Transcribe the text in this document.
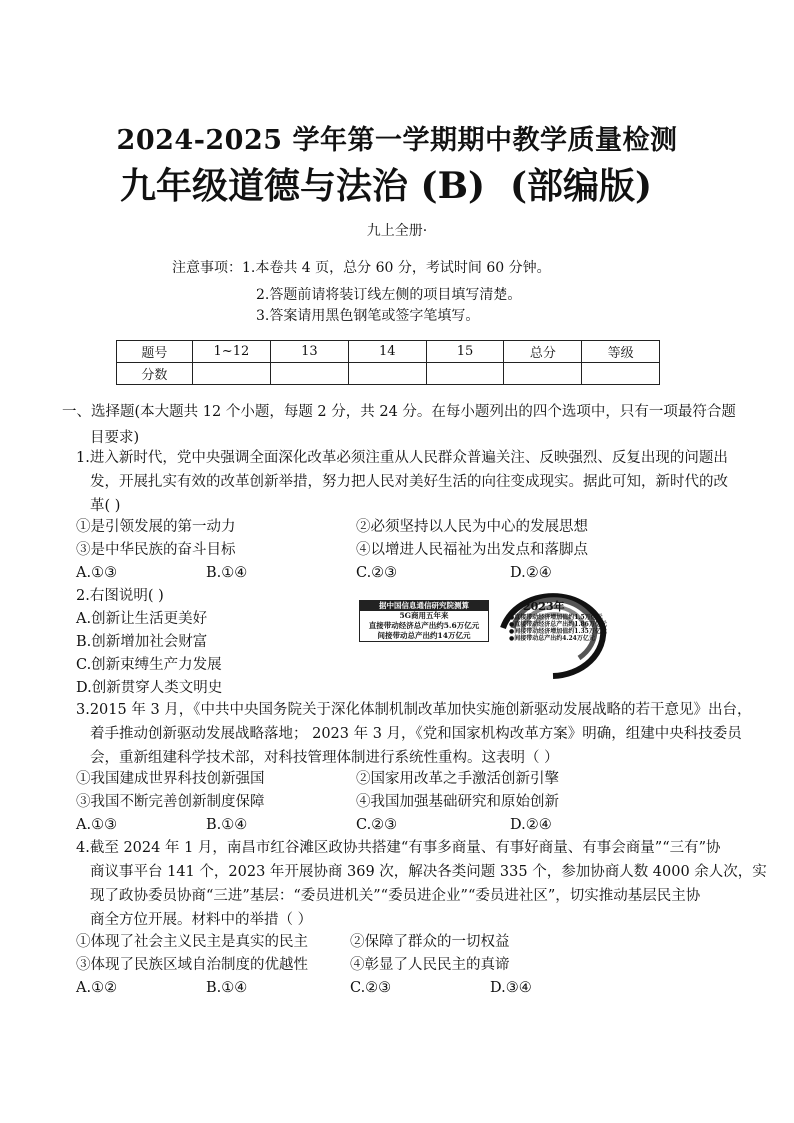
2024-2025 学年第一学期期中教学质量检测
九年级道德与法治 (B) (部编版)
九上全册·
注意事项：1.本卷共 4 页，总分 60 分，考试时间 60 分钟。
2.答题前请将装订线左侧的项目填写清楚。
3.答案请用黑色钢笔或签字笔填写。
题号	1~12	13	14	15	总分	等级
分数						
一、选择题(本大题共 12 个小题，每题 2 分，共 24 分。在每小题列出的四个选项中，只有一项最符合题
目要求)
1.进入新时代，党中央强调全面深化改革必须注重从人民群众普遍关注、反映强烈、反复出现的问题出
发，开展扎实有效的改革创新举措，努力把人民对美好生活的向往变成现实。据此可知，新时代的改
革( )
①是引领发展的第一动力	②必须坚持以人民为中心的发展思想
③是中华民族的奋斗目标	④以增进人民福祉为出发点和落脚点
A.①③	B.①④	C.②③	D.②④
2.右图说明( )
A.创新让生活更美好
B.创新增加社会财富
C.创新束缚生产力发展
D.创新贯穿人类文明史
据中国信息通信研究院测算
5G商用五年来
直接带动经济总产出约5.6万亿元
间接带动总产出约14万亿元
2023年
●直接带动经济增加值约1.5万亿元
●直接带动经济总产出约1.86万亿元
●间接带动经济增加值约1.35万亿元
●间接带动总产出约4.24万亿元
3.2015 年 3 月，《中共中央国务院关于深化体制机制改革加快实施创新驱动发展战略的若干意见》出台，
着手推动创新驱动发展战略落地； 2023 年 3 月，《党和国家机构改革方案》明确，组建中央科技委员
会，重新组建科学技术部，对科技管理体制进行系统性重构。这表明（ ）
①我国建成世界科技创新强国	②国家用改革之手激活创新引擎
③我国不断完善创新制度保障	④我国加强基础研究和原始创新
A.①③	B.①④	C.②③	D.②④
4.截至 2024 年 1 月，南昌市红谷滩区政协共搭建“有事多商量、有事好商量、有事会商量”“三有”协
商议事平台 141 个，2023 年开展协商 369 次，解决各类问题 335 个，参加协商人数 4000 余人次，实
现了政协委员协商“三进”基层：“委员进机关”“委员进企业”“委员进社区”，切实推动基层民主协
商全方位开展。材料中的举措（ ）
①体现了社会主义民主是真实的民主	②保障了群众的一切权益
③体现了民族区域自治制度的优越性	④彰显了人民民主的真谛
A.①②	B.①④	C.②③	D.③④
